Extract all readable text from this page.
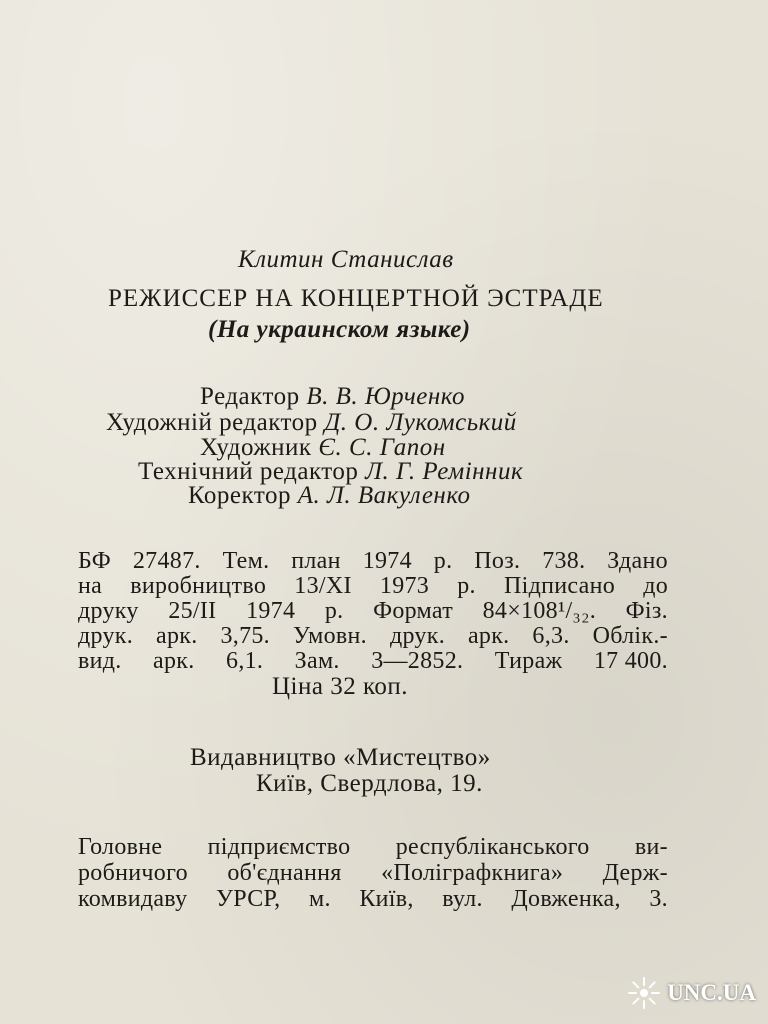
Клитин Станислав
РЕЖИССЕР НА КОНЦЕРТНОЙ ЭСТРАДЕ
(На украинском языке)
Редактор В. В. Юрченко
Художній редактор Д. О. Лукомський
Художник Є. С. Гапон
Технічний редактор Л. Г. Ремінник
Коректор А. Л. Вакуленко
БФ 27487. Тем. план 1974 р. Поз. 738. Здано
на виробництво 13/XI 1973 р. Підписано до
друку 25/II 1974 р. Формат 84×108¹/₃₂. Фіз.
друк. арк. 3,75. Умовн. друк. арк. 6,3. Облік.-
вид. арк. 6,1. Зам. 3—2852. Тираж 17 400.
Ціна 32 коп.
Видавництво «Мистецтво»
Київ, Свердлова, 19.
Головне підприємство республіканського ви-
робничого об'єднання «Поліграфкнига» Держ-
комвидаву УРСР, м. Київ, вул. Довженка, 3.
UNC.UA
